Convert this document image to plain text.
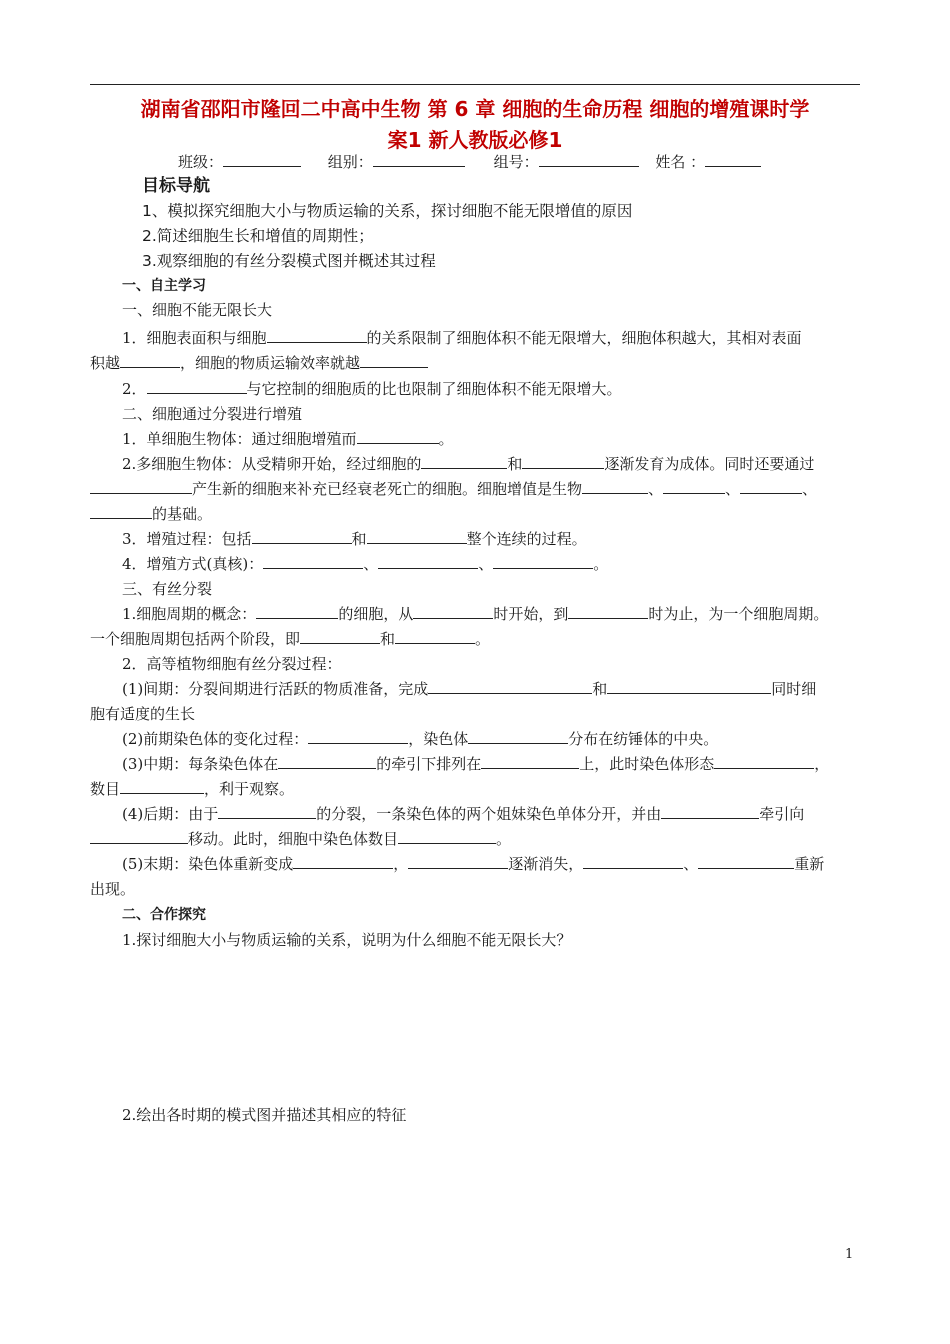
湖南省邵阳市隆回二中高中生物 第 6 章 细胞的生命历程 细胞的增殖课时学
案1 新人教版必修1
班级：	组别：	组号：	姓名 ：
目标导航
1、模拟探究细胞大小与物质运输的关系，探讨细胞不能无限增值的原因
2.简述细胞生长和增值的周期性；
3.观察细胞的有丝分裂模式图并概述其过程
一、自主学习
一、细胞不能无限长大
1．细胞表面积与细胞	的关系限制了细胞体积不能无限增大，细胞体积越大，其相对表面
积越	，细胞的物质运输效率就越
2．	与它控制的细胞质的比也限制了细胞体积不能无限增大。
二、细胞通过分裂进行增殖
1．单细胞生物体：通过细胞增殖而	。
2.多细胞生物体：从受精卵开始，经过细胞的	和	逐渐发育为成体。同时还要通过
产生新的细胞来补充已经衰老死亡的细胞。细胞增值是生物	、	、	、
的基础。
3．增殖过程：包括	和	整个连续的过程。
4．增殖方式(真核)：	、	、	。
三、有丝分裂
1.细胞周期的概念：	的细胞，从	时开始，到	时为止，为一个细胞周期。
一个细胞周期包括两个阶段，即	和	。
2．高等植物细胞有丝分裂过程：
(1)间期：分裂间期进行活跃的物质准备，完成	和	同时细
胞有适度的生长
(2)前期染色体的变化过程：	，染色体	分布在纺锤体的中央。
(3)中期：每条染色体在	的牵引下排列在	上，此时染色体形态	，
数目	，利于观察。
(4)后期：由于	的分裂，一条染色体的两个姐妹染色单体分开，并由	牵引向
移动。此时，细胞中染色体数目	。
(5)末期：染色体重新变成	，	逐渐消失，	、	重新
出现。
二、合作探究
1.探讨细胞大小与物质运输的关系，说明为什么细胞不能无限长大？
2.绘出各时期的模式图并描述其相应的特征
1
